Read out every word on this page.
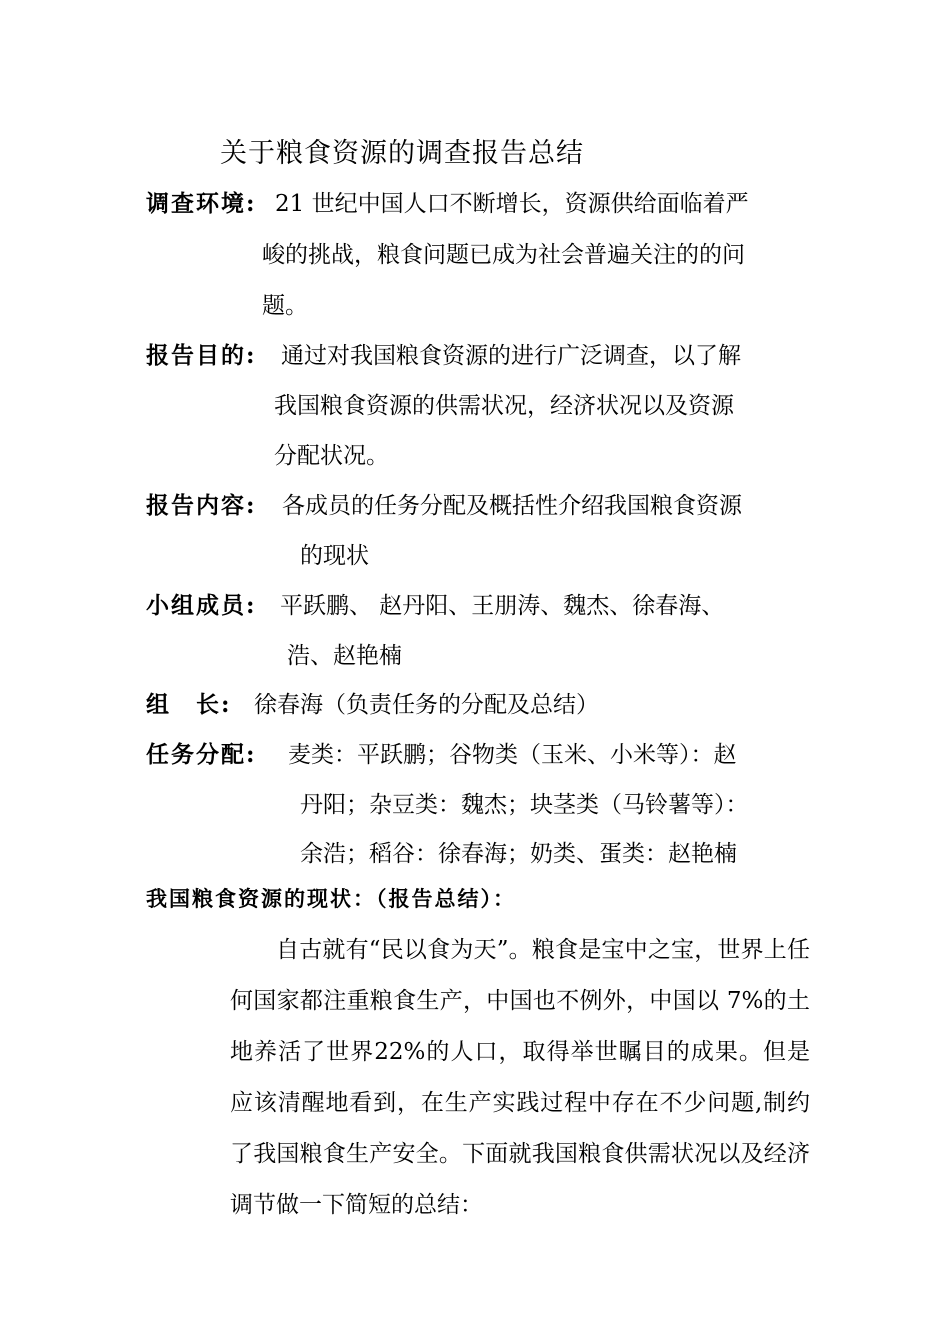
关于粮食资源的调查报告总结
调查环境: 21 世纪中国人口不断增长，资源供给面临着严
峻的挑战，粮食问题已成为社会普遍关注的的问
题。
报告目的: 通过对我国粮食资源的进行广泛调查，以了解
我国粮食资源的供需状况，经济状况以及资源
分配状况。
报告内容: 各成员的任务分配及概括性介绍我国粮食资源
的现状
小组成员: 平跃鹏、 赵丹阳、王朋涛、魏杰、徐春海、
浩、赵艳楠
组　长: 徐春海（负责任务的分配及总结）
任务分配: 麦类：平跃鹏；谷物类（玉米、小米等）：赵
丹阳；杂豆类：魏杰；块茎类（马铃薯等）：
余浩；稻谷：徐春海；奶类、蛋类：赵艳楠
我国粮食资源的现状：（报告总结）：
自古就有“民以食为天”。粮食是宝中之宝，世界上任何国家都注重粮食生产，中国也不例外，中国以 7%的土地养活了世界22%的人口，取得举世瞩目的成果。但是应该清醒地看到，在生产实践过程中存在不少问题,制约了我国粮食生产安全。下面就我国粮食供需状况以及经济调节做一下简短的总结：
